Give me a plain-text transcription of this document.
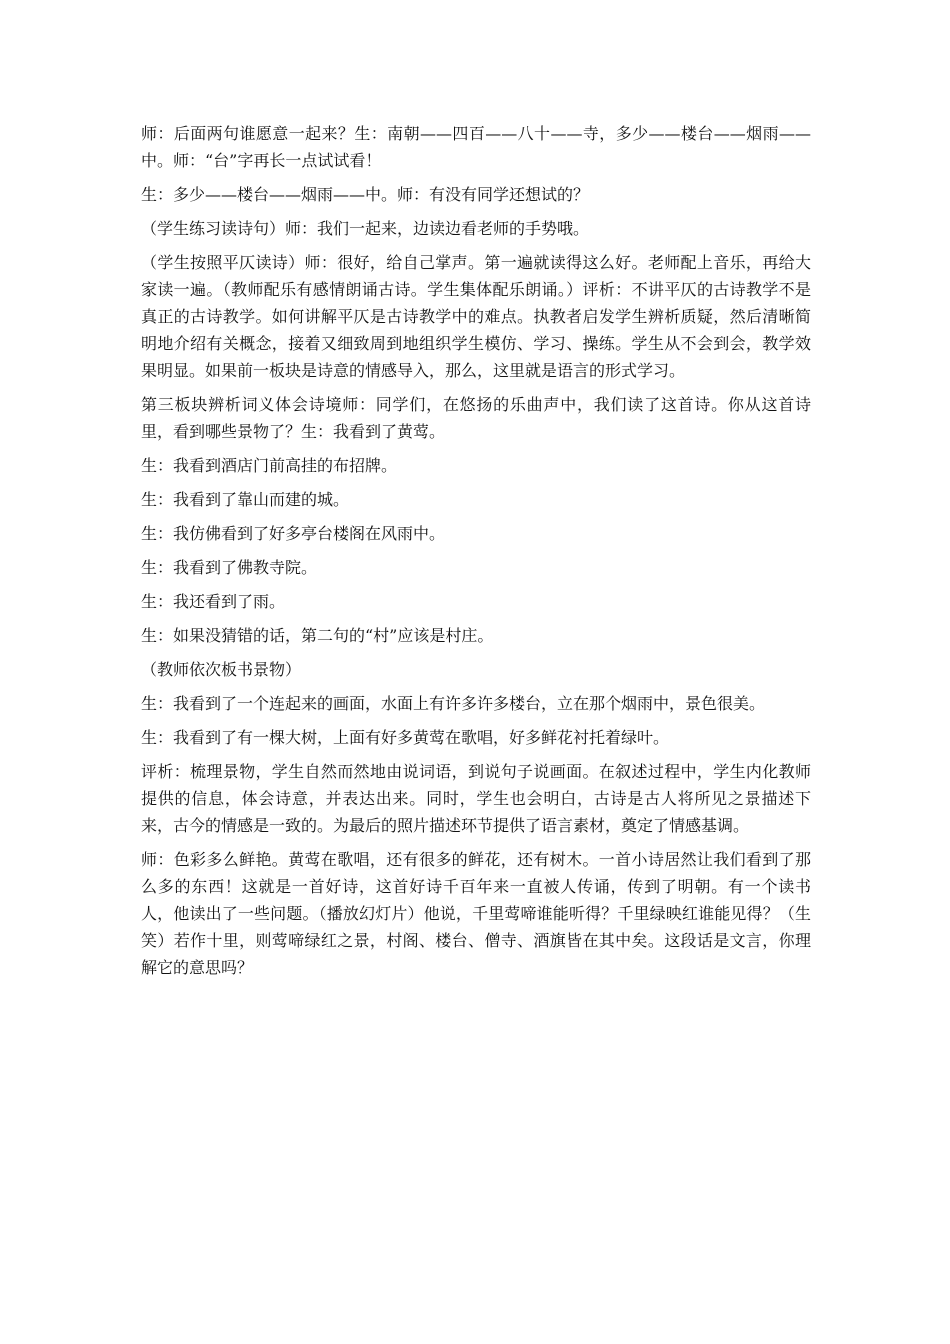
师：后面两句谁愿意一起来？生：南朝——四百——八十——寺，多少——楼台——烟雨——中。师：“台”字再长一点试试看！

生：多少——楼台——烟雨——中。师：有没有同学还想试的？

（学生练习读诗句）师：我们一起来，边读边看老师的手势哦。

（学生按照平仄读诗）师：很好，给自己掌声。第一遍就读得这么好。老师配上音乐，再给大家读一遍。（教师配乐有感情朗诵古诗。学生集体配乐朗诵。）评析：不讲平仄的古诗教学不是真正的古诗教学。如何讲解平仄是古诗教学中的难点。执教者启发学生辨析质疑，然后清晰简明地介绍有关概念，接着又细致周到地组织学生模仿、学习、操练。学生从不会到会，教学效果明显。如果前一板块是诗意的情感导入，那么，这里就是语言的形式学习。

第三板块辨析词义体会诗境师：同学们，在悠扬的乐曲声中，我们读了这首诗。你从这首诗里，看到哪些景物了？生：我看到了黄莺。

生：我看到酒店门前高挂的布招牌。

生：我看到了靠山而建的城。

生：我仿佛看到了好多亭台楼阁在风雨中。

生：我看到了佛教寺院。

生：我还看到了雨。

生：如果没猜错的话，第二句的“村”应该是村庄。

（教师依次板书景物）

生：我看到了一个连起来的画面，水面上有许多许多楼台，立在那个烟雨中，景色很美。

生：我看到了有一棵大树，上面有好多黄莺在歌唱，好多鲜花衬托着绿叶。

评析：梳理景物，学生自然而然地由说词语，到说句子说画面。在叙述过程中，学生内化教师提供的信息，体会诗意，并表达出来。同时，学生也会明白，古诗是古人将所见之景描述下来，古今的情感是一致的。为最后的照片描述环节提供了语言素材，奠定了情感基调。

师：色彩多么鲜艳。黄莺在歌唱，还有很多的鲜花，还有树木。一首小诗居然让我们看到了那么多的东西！这就是一首好诗，这首好诗千百年来一直被人传诵，传到了明朝。有一个读书人，他读出了一些问题。（播放幻灯片）他说，千里莺啼谁能听得？千里绿映红谁能见得？（生笑）若作十里，则莺啼绿红之景，村阁、楼台、僧寺、酒旗皆在其中矣。这段话是文言，你理解它的意思吗？
